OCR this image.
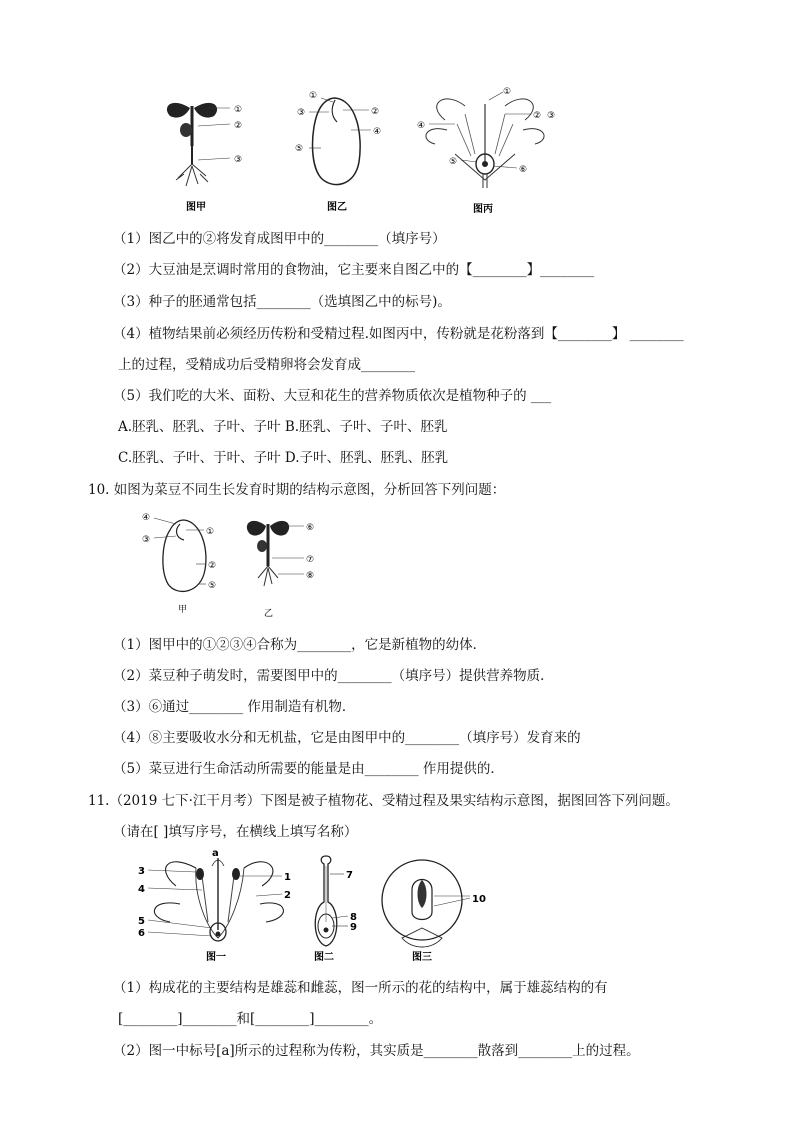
①
②
③
图甲
①
③	②
④
⑤
图乙
①
② ③
④
⑤
⑥
图丙
（1）图乙中的②将发育成图甲中的________（填序号）
（2）大豆油是烹调时常用的食物油，它主要来自图乙中的【________】________
（3）种子的胚通常包括________（选填图乙中的标号)。
（4）植物结果前必须经历传粉和受精过程.如图丙中，传粉就是花粉落到【________】 ________
上的过程，受精成功后受精卵将会发育成________
（5）我们吃的大米、面粉、大豆和花生的营养物质依次是植物种子的 ___
A.胚乳、胚乳、子叶、子叶 B.胚乳、子叶、子叶、胚乳
C.胚乳、子叶、于叶、子叶 D.子叶、胚乳、胚乳、胚乳
10. 如图为菜豆不同生长发育时期的结构示意图，分析回答下列问题：
④
③
①
②
⑤
甲
⑥
⑦
⑧
乙
（1）图甲中的①②③④合称为________，它是新植物的幼体．
（2）菜豆种子萌发时，需要图甲中的________（填序号）提供营养物质．
（3）⑥通过________ 作用制造有机物．
（4）⑧主要吸收水分和无机盐，它是由图甲中的________（填序号）发育来的
（5）菜豆进行生命活动所需要的能量是由________ 作用提供的．
11.（2019 七下·江干月考）下图是被子植物花、受精过程及果实结构示意图，据图回答下列问题。
（请在[ ]填写序号，在横线上填写名称）
3
a
1
4
2
5
6
图一
7
8
9
图二
10
图三
（1）构成花的主要结构是雄蕊和雌蕊，图一所示的花的结构中，属于雄蕊结构的有
[________]________和[________]________。
（2）图一中标号[a]所示的过程称为传粉，其实质是________散落到________上的过程。
